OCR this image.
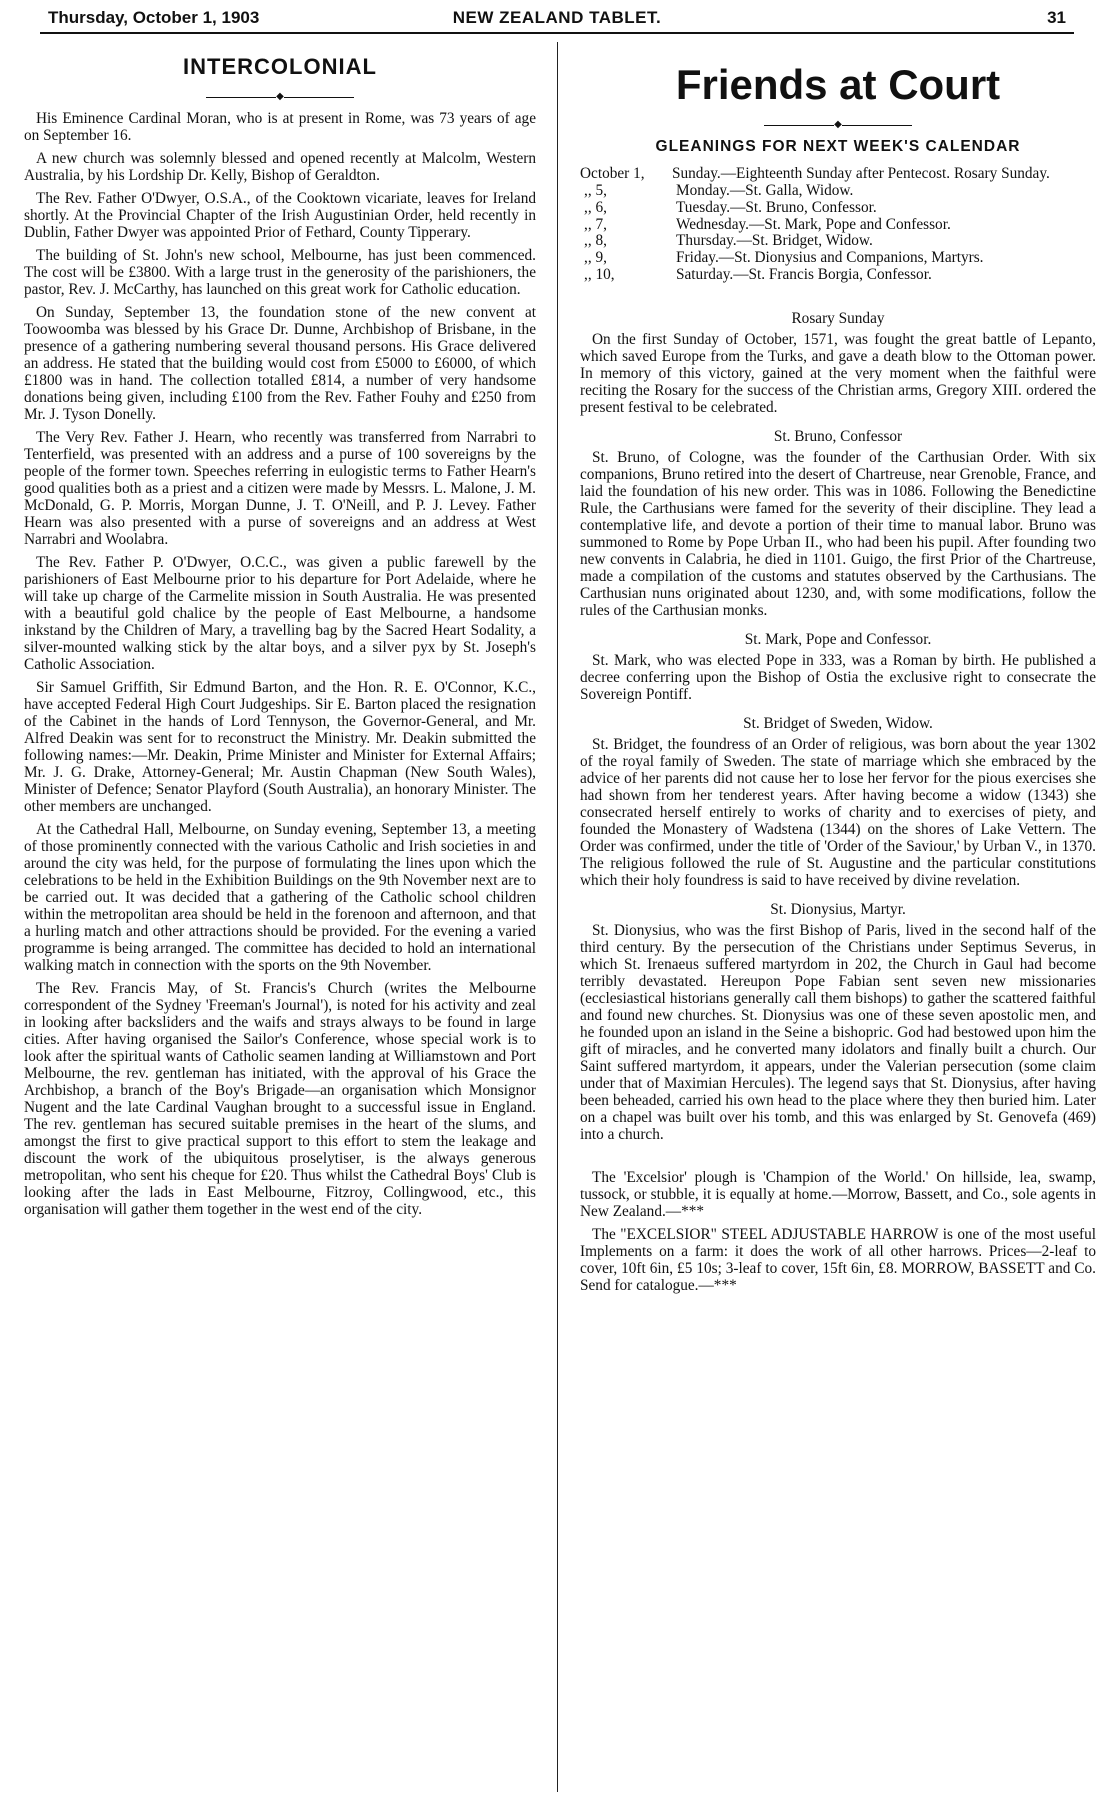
Thursday, October 1, 1903	NEW ZEALAND TABLET.	31
INTERCOLONIAL
◆

His Eminence Cardinal Moran, who is at present in Rome, was 73 years of age on September 16.

A new church was solemnly blessed and opened recently at Malcolm, Western Australia, by his Lordship Dr. Kelly, Bishop of Geraldton.

The Rev. Father O'Dwyer, O.S.A., of the Cooktown vicariate, leaves for Ireland shortly. At the Provincial Chapter of the Irish Augustinian Order, held recently in Dublin, Father Dwyer was appointed Prior of Fethard, County Tipperary.

The building of St. John's new school, Melbourne, has just been commenced. The cost will be £3800. With a large trust in the generosity of the parishioners, the pastor, Rev. J. McCarthy, has launched on this great work for Catholic education.

On Sunday, September 13, the foundation stone of the new convent at Toowoomba was blessed by his Grace Dr. Dunne, Archbishop of Brisbane, in the presence of a gathering numbering several thousand persons. His Grace delivered an address. He stated that the building would cost from £5000 to £6000, of which £1800 was in hand. The collection totalled £814, a number of very handsome donations being given, including £100 from the Rev. Father Fouhy and £250 from Mr. J. Tyson Donelly.

The Very Rev. Father J. Hearn, who recently was transferred from Narrabri to Tenterfield, was presented with an address and a purse of 100 sovereigns by the people of the former town. Speeches referring in eulogistic terms to Father Hearn's good qualities both as a priest and a citizen were made by Messrs. L. Malone, J. M. McDonald, G. P. Morris, Morgan Dunne, J. T. O'Neill, and P. J. Levey. Father Hearn was also presented with a purse of sovereigns and an address at West Narrabri and Woolabra.

The Rev. Father P. O'Dwyer, O.C.C., was given a public farewell by the parishioners of East Melbourne prior to his departure for Port Adelaide, where he will take up charge of the Carmelite mission in South Australia. He was presented with a beautiful gold chalice by the people of East Melbourne, a handsome inkstand by the Children of Mary, a travelling bag by the Sacred Heart Sodality, a silver-mounted walking stick by the altar boys, and a silver pyx by St. Joseph's Catholic Association.

Sir Samuel Griffith, Sir Edmund Barton, and the Hon. R. E. O'Connor, K.C., have accepted Federal High Court Judgeships. Sir E. Barton placed the resignation of the Cabinet in the hands of Lord Tennyson, the Governor-General, and Mr. Alfred Deakin was sent for to reconstruct the Ministry. Mr. Deakin submitted the following names:—Mr. Deakin, Prime Minister and Minister for External Affairs; Mr. J. G. Drake, Attorney-General; Mr. Austin Chapman (New South Wales), Minister of Defence; Senator Playford (South Australia), an honorary Minister. The other members are unchanged.

At the Cathedral Hall, Melbourne, on Sunday evening, September 13, a meeting of those prominently connected with the various Catholic and Irish societies in and around the city was held, for the purpose of formulating the lines upon which the celebrations to be held in the Exhibition Buildings on the 9th November next are to be carried out. It was decided that a gathering of the Catholic school children within the metropolitan area should be held in the forenoon and afternoon, and that a hurling match and other attractions should be provided. For the evening a varied programme is being arranged. The committee has decided to hold an international walking match in connection with the sports on the 9th November.

The Rev. Francis May, of St. Francis's Church (writes the Melbourne correspondent of the Sydney 'Freeman's Journal'), is noted for his activity and zeal in looking after backsliders and the waifs and strays always to be found in large cities. After having organised the Sailor's Conference, whose special work is to look after the spiritual wants of Catholic seamen landing at Williamstown and Port Melbourne, the rev. gentleman has initiated, with the approval of his Grace the Archbishop, a branch of the Boy's Brigade—an organisation which Monsignor Nugent and the late Cardinal Vaughan brought to a successful issue in England. The rev. gentleman has secured suitable premises in the heart of the slums, and amongst the first to give practical support to this effort to stem the leakage and discount the work of the ubiquitous proselytiser, is the always generous metropolitan, who sent his cheque for £20. Thus whilst the Cathedral Boys' Club is looking after the lads in East Melbourne, Fitzroy, Collingwood, etc., this organisation will gather them together in the west end of the city.

Friends at Court
◆
GLEANINGS FOR NEXT WEEK'S CALENDAR
October 1,	Sunday.—Eighteenth Sunday after Pentecost. Rosary Sunday.
,, 5,	Monday.—St. Galla, Widow.
,, 6,	Tuesday.—St. Bruno, Confessor.
,, 7,	Wednesday.—St. Mark, Pope and Confessor.
,, 8,	Thursday.—St. Bridget, Widow.
,, 9,	Friday.—St. Dionysius and Companions, Martyrs.
,, 10,	Saturday.—St. Francis Borgia, Confessor.
Rosary Sunday

On the first Sunday of October, 1571, was fought the great battle of Lepanto, which saved Europe from the Turks, and gave a death blow to the Ottoman power. In memory of this victory, gained at the very moment when the faithful were reciting the Rosary for the success of the Christian arms, Gregory XIII. ordered the present festival to be celebrated.

St. Bruno, Confessor

St. Bruno, of Cologne, was the founder of the Carthusian Order. With six companions, Bruno retired into the desert of Chartreuse, near Grenoble, France, and laid the foundation of his new order. This was in 1086. Following the Benedictine Rule, the Carthusians were famed for the severity of their discipline. They lead a contemplative life, and devote a portion of their time to manual labor. Bruno was summoned to Rome by Pope Urban II., who had been his pupil. After founding two new convents in Calabria, he died in 1101. Guigo, the first Prior of the Chartreuse, made a compilation of the customs and statutes observed by the Carthusians. The Carthusian nuns originated about 1230, and, with some modifications, follow the rules of the Carthusian monks.

St. Mark, Pope and Confessor.

St. Mark, who was elected Pope in 333, was a Roman by birth. He published a decree conferring upon the Bishop of Ostia the exclusive right to consecrate the Sovereign Pontiff.

St. Bridget of Sweden, Widow.

St. Bridget, the foundress of an Order of religious, was born about the year 1302 of the royal family of Sweden. The state of marriage which she embraced by the advice of her parents did not cause her to lose her fervor for the pious exercises she had shown from her tenderest years. After having become a widow (1343) she consecrated herself entirely to works of charity and to exercises of piety, and founded the Monastery of Wadstena (1344) on the shores of Lake Vettern. The Order was confirmed, under the title of 'Order of the Saviour,' by Urban V., in 1370. The religious followed the rule of St. Augustine and the particular constitutions which their holy foundress is said to have received by divine revelation.

St. Dionysius, Martyr.

St. Dionysius, who was the first Bishop of Paris, lived in the second half of the third century. By the persecution of the Christians under Septimus Severus, in which St. Irenaeus suffered martyrdom in 202, the Church in Gaul had become terribly devastated. Hereupon Pope Fabian sent seven new missionaries (ecclesiastical historians generally call them bishops) to gather the scattered faithful and found new churches. St. Dionysius was one of these seven apostolic men, and he founded upon an island in the Seine a bishopric. God had bestowed upon him the gift of miracles, and he converted many idolators and finally built a church. Our Saint suffered martyrdom, it appears, under the Valerian persecution (some claim under that of Maximian Hercules). The legend says that St. Dionysius, after having been beheaded, carried his own head to the place where they then buried him. Later on a chapel was built over his tomb, and this was enlarged by St. Genovefa (469) into a church.

The 'Excelsior' plough is 'Champion of the World.' On hillside, lea, swamp, tussock, or stubble, it is equally at home.—Morrow, Bassett, and Co., sole agents in New Zealand.—***

The "EXCELSIOR" STEEL ADJUSTABLE HARROW is one of the most useful Implements on a farm: it does the work of all other harrows. Prices—2-leaf to cover, 10ft 6in, £5 10s; 3-leaf to cover, 15ft 6in, £8. MORROW, BASSETT and Co. Send for catalogue.—***
